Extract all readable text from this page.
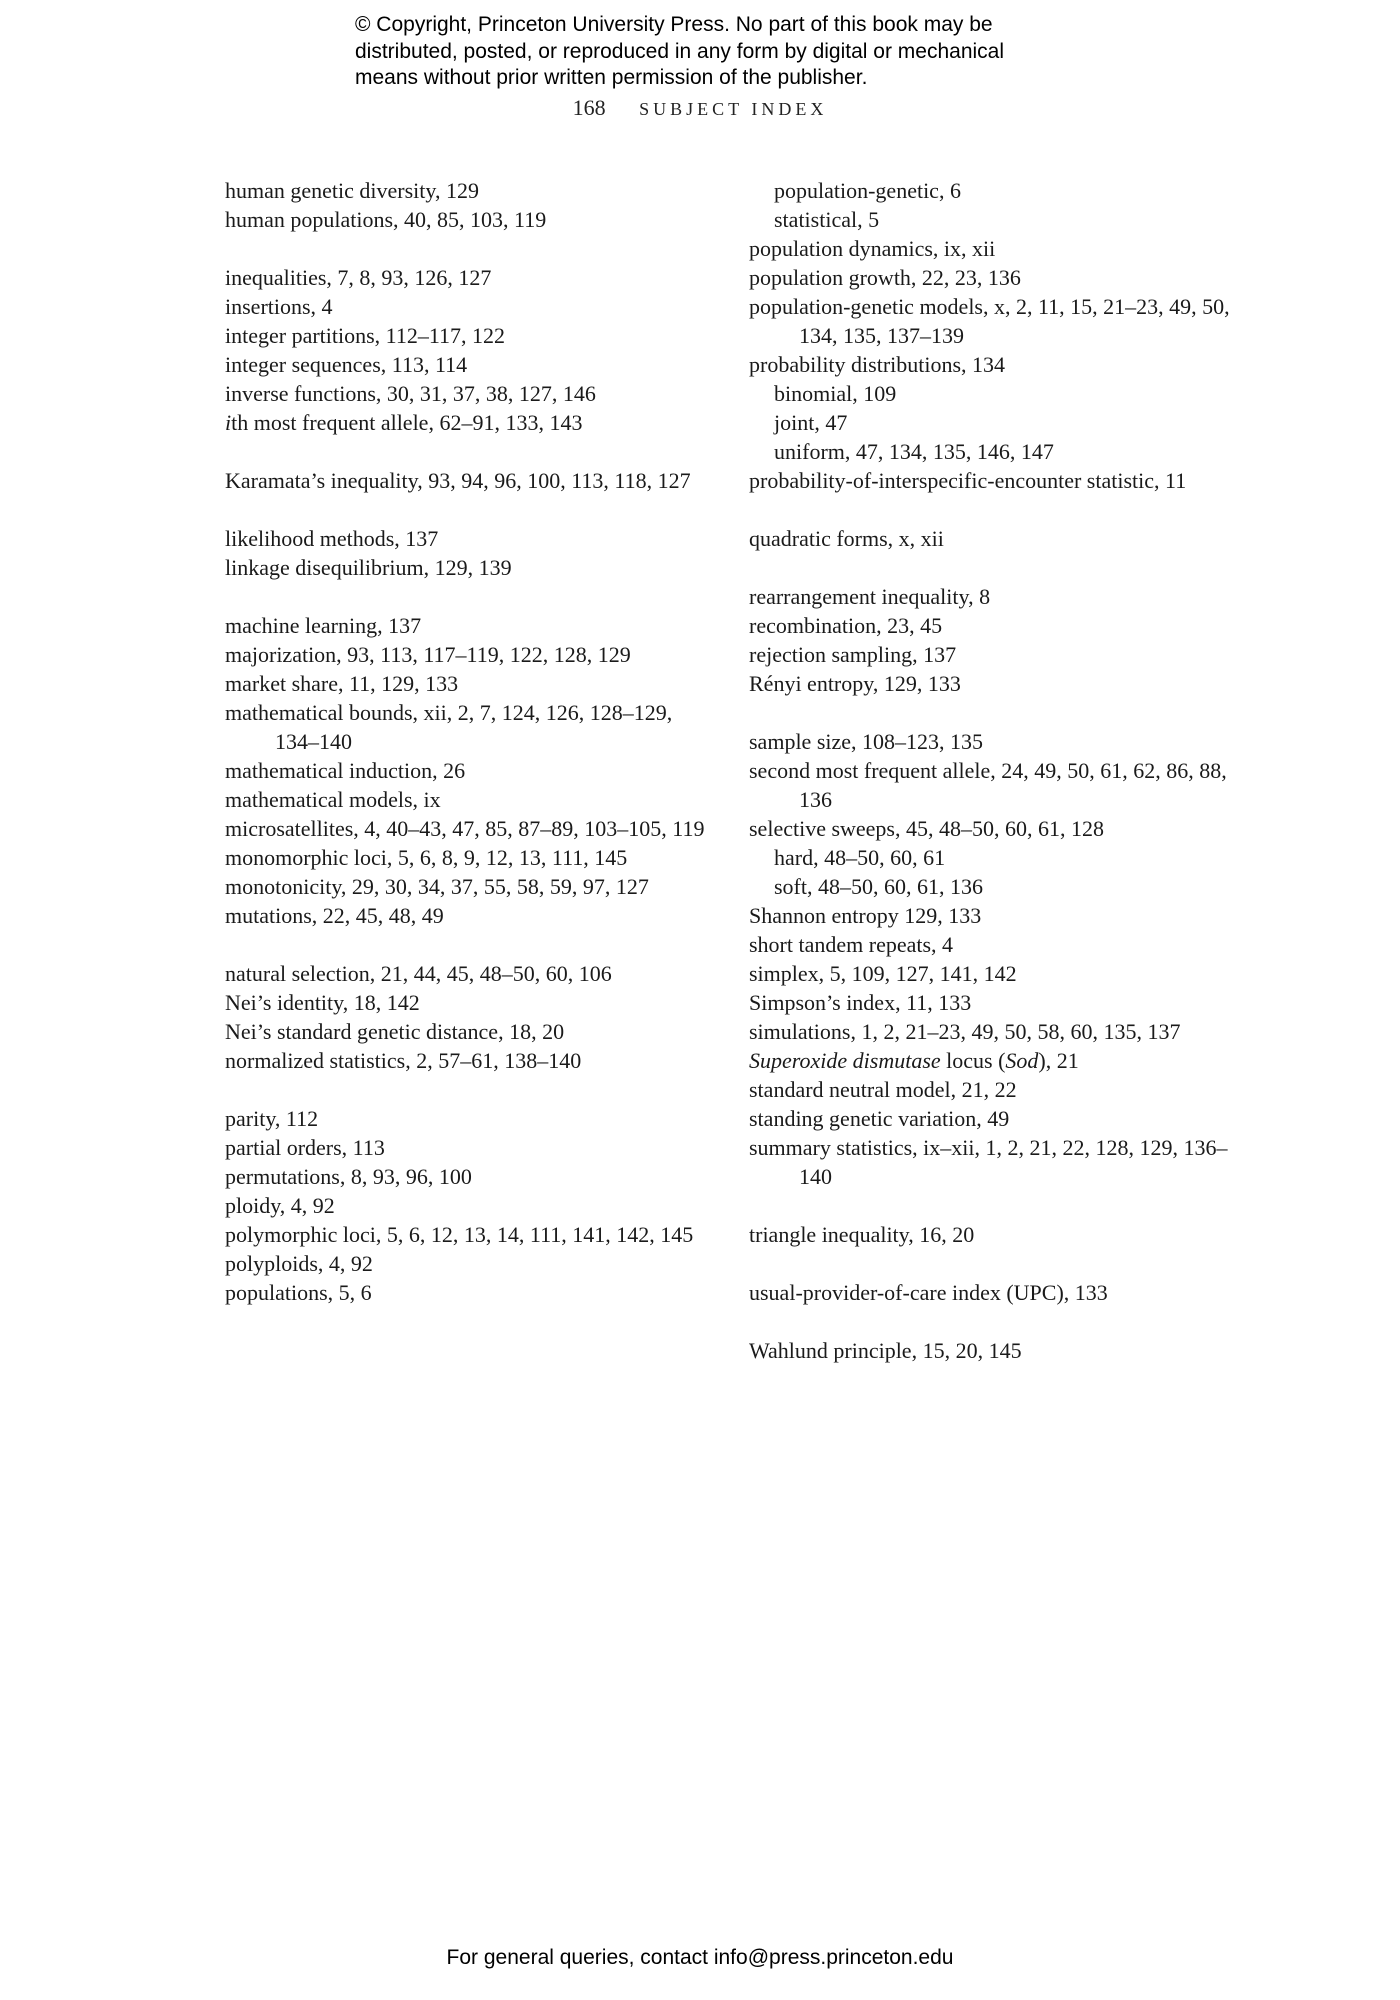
© Copyright, Princeton University Press. No part of this book may be
distributed, posted, or reproduced in any form by digital or mechanical
means without prior written permission of the publisher.
168 SUBJECT INDEX
human genetic diversity, 129
human populations, 40, 85, 103, 119
inequalities, 7, 8, 93, 126, 127
insertions, 4
integer partitions, 112–117, 122
integer sequences, 113, 114
inverse functions, 30, 31, 37, 38, 127, 146
ith most frequent allele, 62–91, 133, 143
Karamata’s inequality, 93, 94, 96, 100, 113, 118, 127
likelihood methods, 137
linkage disequilibrium, 129, 139
machine learning, 137
majorization, 93, 113, 117–119, 122, 128, 129
market share, 11, 129, 133
mathematical bounds, xii, 2, 7, 124, 126, 128–129, 134–140
mathematical induction, 26
mathematical models, ix
microsatellites, 4, 40–43, 47, 85, 87–89, 103–105, 119
monomorphic loci, 5, 6, 8, 9, 12, 13, 111, 145
monotonicity, 29, 30, 34, 37, 55, 58, 59, 97, 127
mutations, 22, 45, 48, 49
natural selection, 21, 44, 45, 48–50, 60, 106
Nei’s identity, 18, 142
Nei’s standard genetic distance, 18, 20
normalized statistics, 2, 57–61, 138–140
parity, 112
partial orders, 113
permutations, 8, 93, 96, 100
ploidy, 4, 92
polymorphic loci, 5, 6, 12, 13, 14, 111, 141, 142, 145
polyploids, 4, 92
populations, 5, 6
population-genetic, 6
statistical, 5
population dynamics, ix, xii
population growth, 22, 23, 136
population-genetic models, x, 2, 11, 15, 21–23, 49, 50, 134, 135, 137–139
probability distributions, 134
binomial, 109
joint, 47
uniform, 47, 134, 135, 146, 147
probability-of-interspecific-encounter statistic, 11
quadratic forms, x, xii
rearrangement inequality, 8
recombination, 23, 45
rejection sampling, 137
Rényi entropy, 129, 133
sample size, 108–123, 135
second most frequent allele, 24, 49, 50, 61, 62, 86, 88, 136
selective sweeps, 45, 48–50, 60, 61, 128
hard, 48–50, 60, 61
soft, 48–50, 60, 61, 136
Shannon entropy 129, 133
short tandem repeats, 4
simplex, 5, 109, 127, 141, 142
Simpson’s index, 11, 133
simulations, 1, 2, 21–23, 49, 50, 58, 60, 135, 137
Superoxide dismutase locus (Sod), 21
standard neutral model, 21, 22
standing genetic variation, 49
summary statistics, ix–xii, 1, 2, 21, 22, 128, 129, 136–140
triangle inequality, 16, 20
usual-provider-of-care index (UPC), 133
Wahlund principle, 15, 20, 145
For general queries, contact info@press.princeton.edu
